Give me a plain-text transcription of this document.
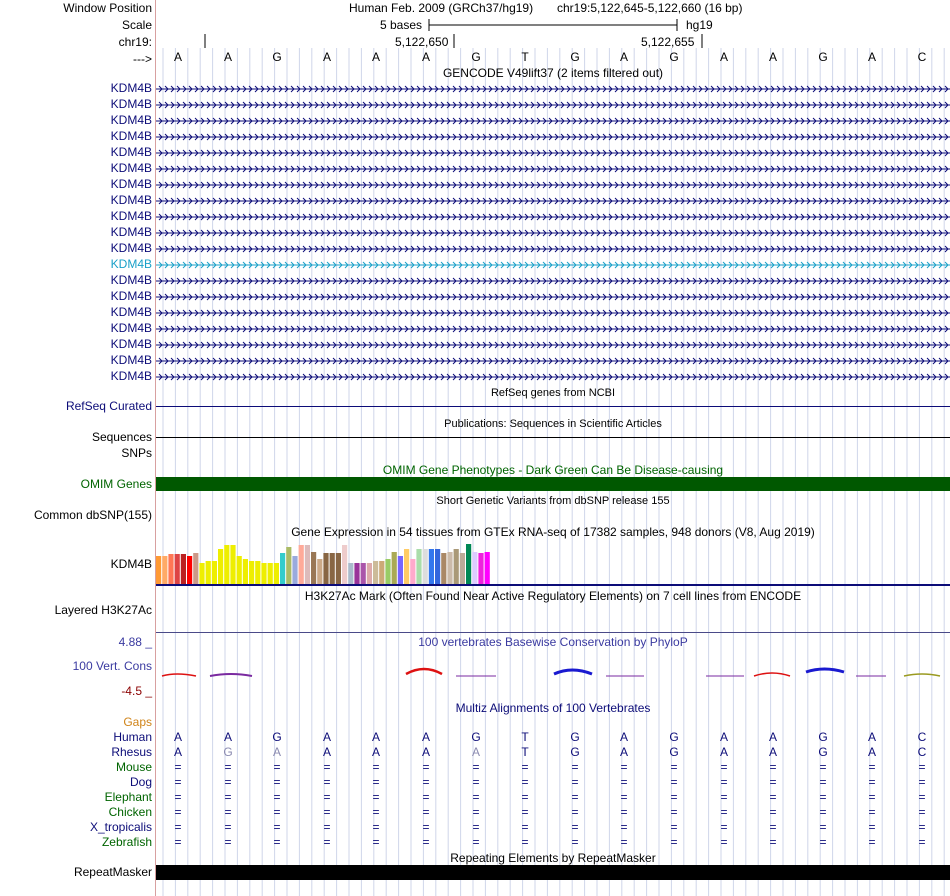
Window Position	Human Feb. 2009 (GRCh37/hg19) chr19:5,122,645-5,122,660 (16 bp)
Scale	5 bases	hg19
chr19:	5,122,650	5,122,655
--->	A	A	G	A	A	A	G	T	G	A	G	A	A	G	A	C
GENCODE V49lift37 (2 items filtered out)
KDM4B
KDM4B
KDM4B
KDM4B
KDM4B
KDM4B
KDM4B
KDM4B
KDM4B
KDM4B
KDM4B
KDM4B
KDM4B
KDM4B
KDM4B
KDM4B
KDM4B
KDM4B
KDM4B
RefSeq genes from NCBI
RefSeq Curated
Publications: Sequences in Scientific Articles
Sequences
SNPs
OMIM Gene Phenotypes - Dark Green Can Be Disease-causing
OMIM Genes
Short Genetic Variants from dbSNP release 155
Common dbSNP(155)
Gene Expression in 54 tissues from GTEx RNA-seq of 17382 samples, 948 donors (V8, Aug 2019)
KDM4B
H3K27Ac Mark (Often Found Near Active Regulatory Elements) on 7 cell lines from ENCODE
Layered H3K27Ac
100 vertebrates Basewise Conservation by PhyloP
4.88 _
100 Vert. Cons
-4.5 _
Multiz Alignments of 100 Vertebrates
Gaps
Human	A	A	G	A	A	A	G	T	G	A	G	A	A	G	A	C
Rhesus	A	G	A	A	A	A	A	T	G	A	G	A	A	G	A	C
Mouse	=	=	=	=	=	=	=	=	=	=	=	=	=	=	=	=
Dog	=	=	=	=	=	=	=	=	=	=	=	=	=	=	=	=
Elephant	=	=	=	=	=	=	=	=	=	=	=	=	=	=	=	=
Chicken	=	=	=	=	=	=	=	=	=	=	=	=	=	=	=	=
X_tropicalis	=	=	=	=	=	=	=	=	=	=	=	=	=	=	=	=
Zebrafish	=	=	=	=	=	=	=	=	=	=	=	=	=	=	=	=
Repeating Elements by RepeatMasker
RepeatMasker
